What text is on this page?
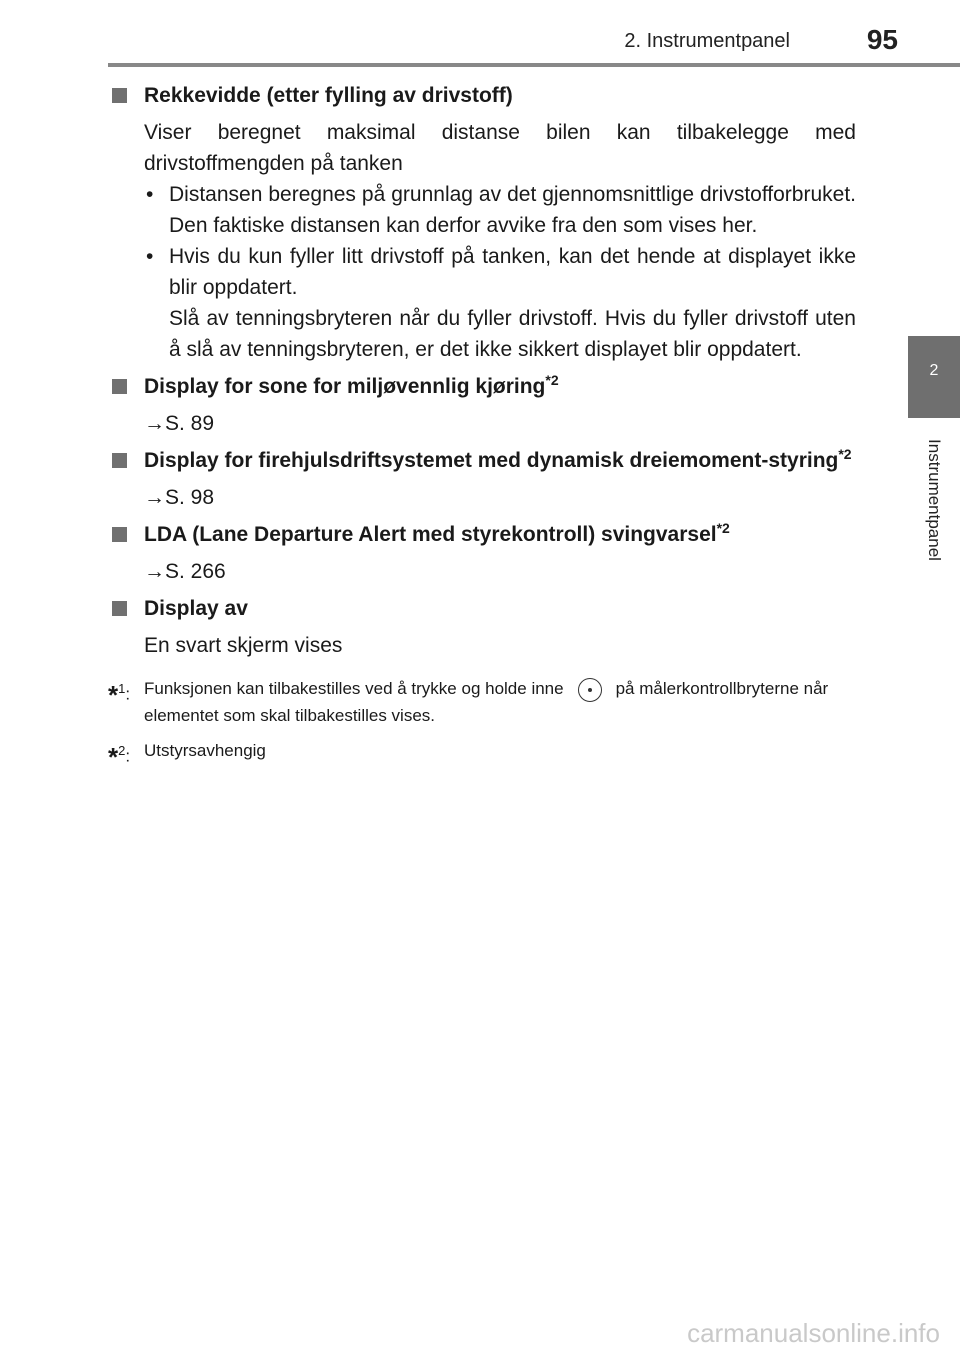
2. Instrumentpanel	95
2
Instrumentpanel
Rekkevidde (etter fylling av drivstoff)
Viser beregnet maksimal distanse bilen kan tilbakelegge med drivstoffmengden på tanken
• Distansen beregnes på grunnlag av det gjennomsnittlige drivstofforbruket. Den faktiske distansen kan derfor avvike fra den som vises her.
• Hvis du kun fyller litt drivstoff på tanken, kan det hende at displayet ikke blir oppdatert.
Slå av tenningsbryteren når du fyller drivstoff. Hvis du fyller drivstoff uten å slå av tenningsbryteren, er det ikke sikkert displayet blir oppdatert.
Display for sone for miljøvennlig kjøring$^{*2}$
→S. 89
Display for firehjulsdriftsystemet med dynamisk dreiemoment-styring$^{*2}$
→S. 98
LDA (Lane Departure Alert med styrekontroll) svingvarsel$^{*2}$
→S. 266
Display av
En svart skjerm vises
*$^1$: Funksjonen kan tilbakestilles ved å trykke og holde inne	på målerkontrollbryterne når elementet som skal tilbakestilles vises.
*$^2$: Utstyrsavhengig
carmanualsonline.info
